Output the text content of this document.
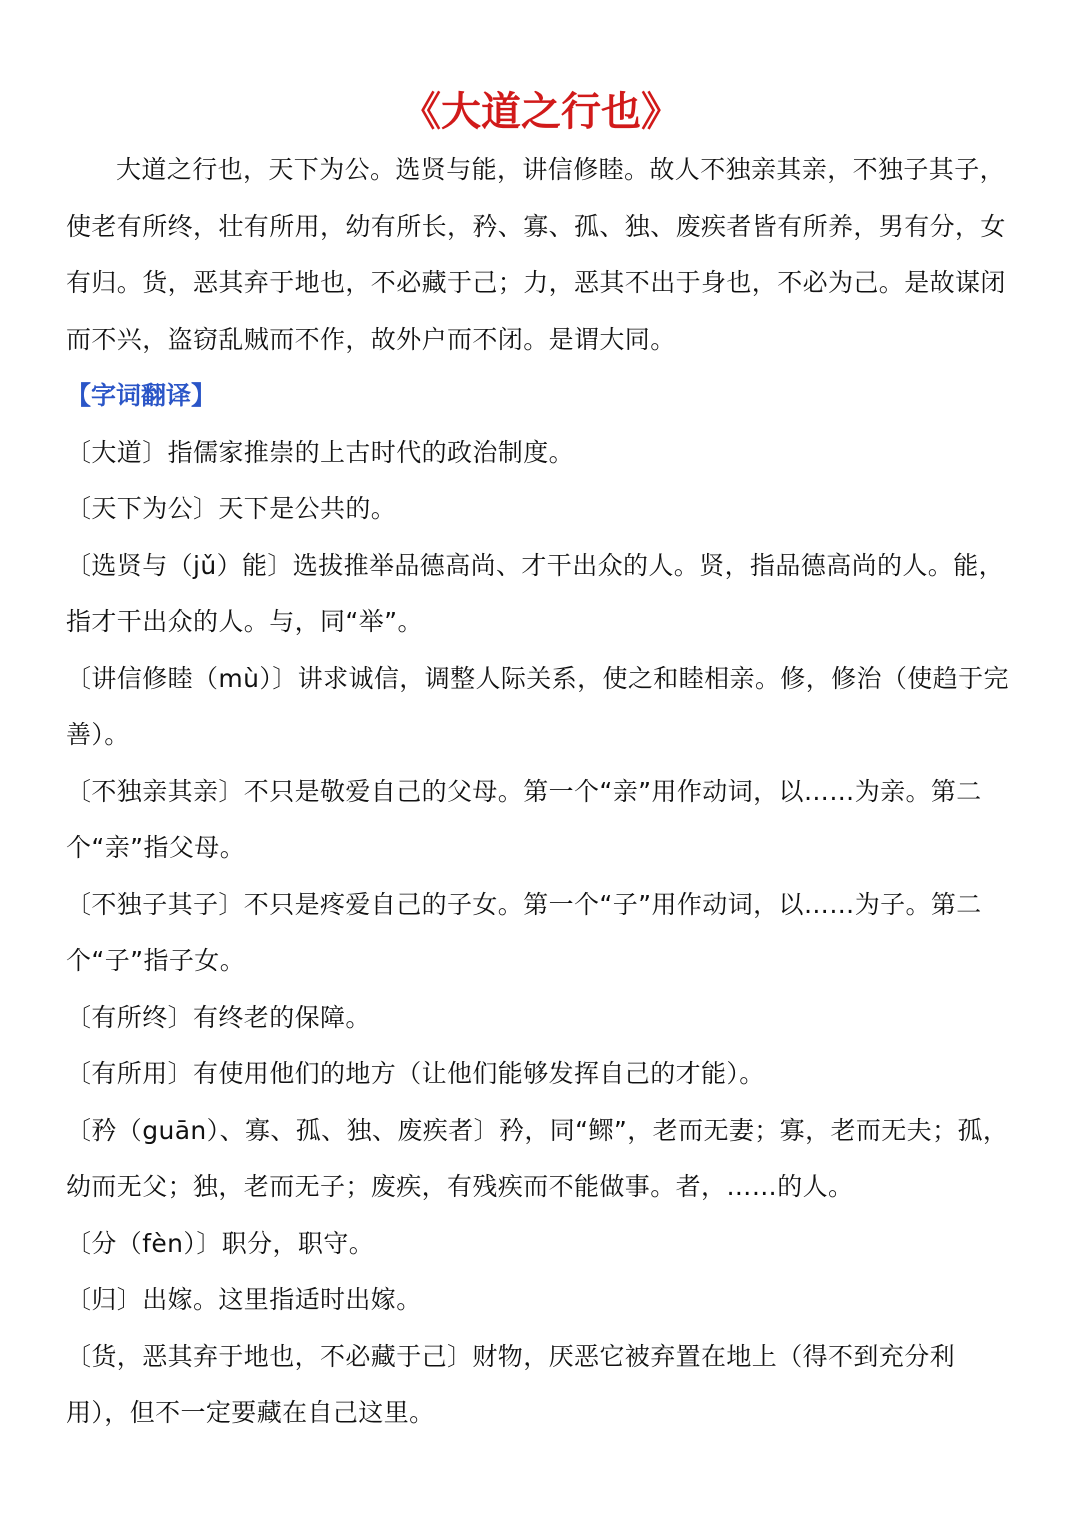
《大道之行也》

大道之行也，天下为公。选贤与能，讲信修睦。故人不独亲其亲，不独子其子，使老有所终，壮有所用，幼有所长，矜、寡、孤、独、废疾者皆有所养，男有分，女有归。货，恶其弃于地也，不必藏于己；力，恶其不出于身也，不必为己。是故谋闭而不兴，盗窃乱贼而不作，故外户而不闭。是谓大同。

【字词翻译】

〔大道〕指儒家推崇的上古时代的政治制度。

〔天下为公〕天下是公共的。

〔选贤与（jǔ）能〕选拔推举品德高尚、才干出众的人。贤，指品德高尚的人。能，指才干出众的人。与，同“举”。

〔讲信修睦（mù）〕讲求诚信，调整人际关系，使之和睦相亲。修，修治（使趋于完善）。

〔不独亲其亲〕不只是敬爱自己的父母。第一个“亲”用作动词，以……为亲。第二个“亲”指父母。

〔不独子其子〕不只是疼爱自己的子女。第一个“子”用作动词，以……为子。第二个“子”指子女。

〔有所终〕有终老的保障。

〔有所用〕有使用他们的地方（让他们能够发挥自己的才能）。

〔矜（guān）、寡、孤、独、废疾者〕矜，同“鳏”，老而无妻；寡，老而无夫；孤，幼而无父；独，老而无子；废疾，有残疾而不能做事。者，……的人。

〔分（fèn）〕职分，职守。

〔归〕出嫁。这里指适时出嫁。

〔货，恶其弃于地也，不必藏于己〕财物，厌恶它被弃置在地上（得不到充分利用），但不一定要藏在自己这里。
